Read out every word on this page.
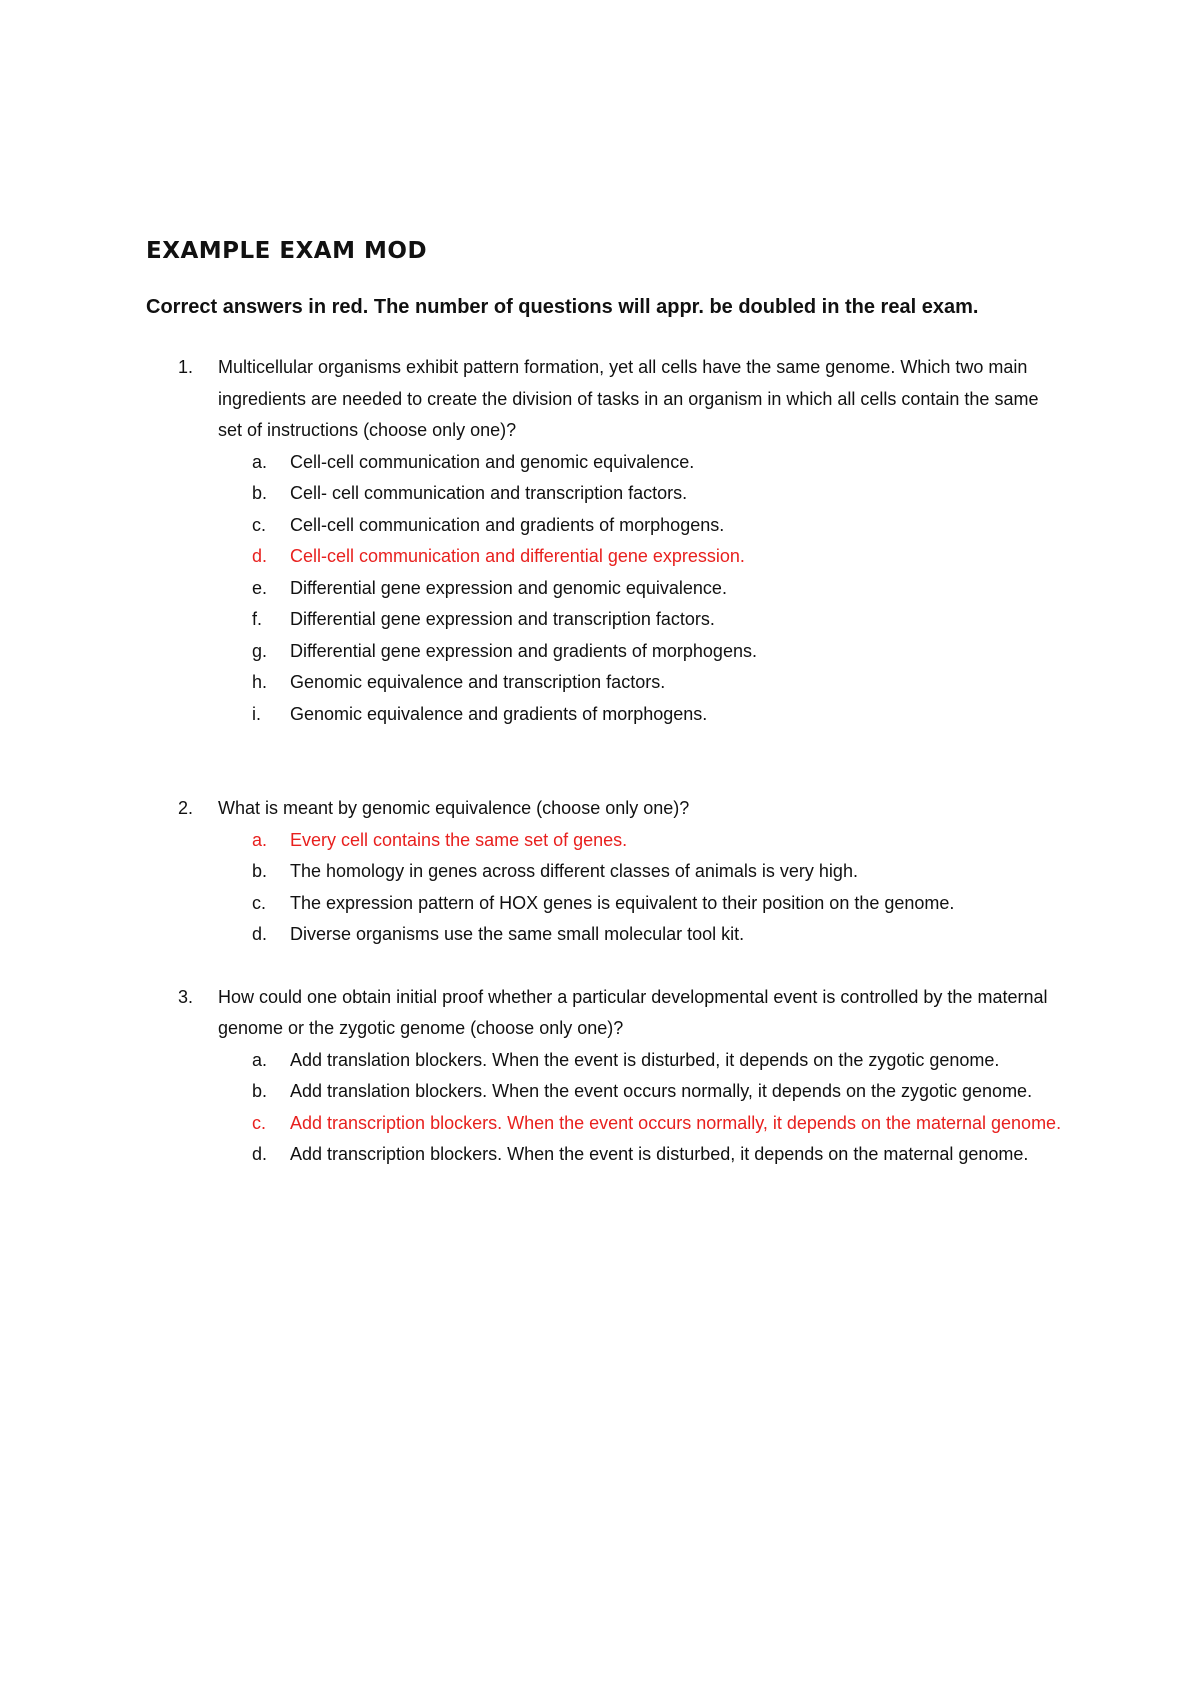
EXAMPLE EXAM MOD

Correct answers in red. The number of questions will appr. be doubled in the real exam.

1. Multicellular organisms exhibit pattern formation, yet all cells have the same genome. Which two main ingredients are needed to create the division of tasks in an organism in which all cells contain the same set of instructions (choose only one)?
a. Cell-cell communication and genomic equivalence.
b. Cell- cell communication and transcription factors.
c. Cell-cell communication and gradients of morphogens.
d. Cell-cell communication and differential gene expression.
e. Differential gene expression and genomic equivalence.
f. Differential gene expression and transcription factors.
g. Differential gene expression and gradients of morphogens.
h. Genomic equivalence and transcription factors.
i. Genomic equivalence and gradients of morphogens.
2. What is meant by genomic equivalence (choose only one)?
a. Every cell contains the same set of genes.
b. The homology in genes across different classes of animals is very high.
c. The expression pattern of HOX genes is equivalent to their position on the genome.
d. Diverse organisms use the same small molecular tool kit.
3. How could one obtain initial proof whether a particular developmental event is controlled by the maternal genome or the zygotic genome (choose only one)?
a. Add translation blockers. When the event is disturbed, it depends on the zygotic genome.
b. Add translation blockers. When the event occurs normally, it depends on the zygotic genome.
c. Add transcription blockers. When the event occurs normally, it depends on the maternal genome.
d. Add transcription blockers. When the event is disturbed, it depends on the maternal genome.
